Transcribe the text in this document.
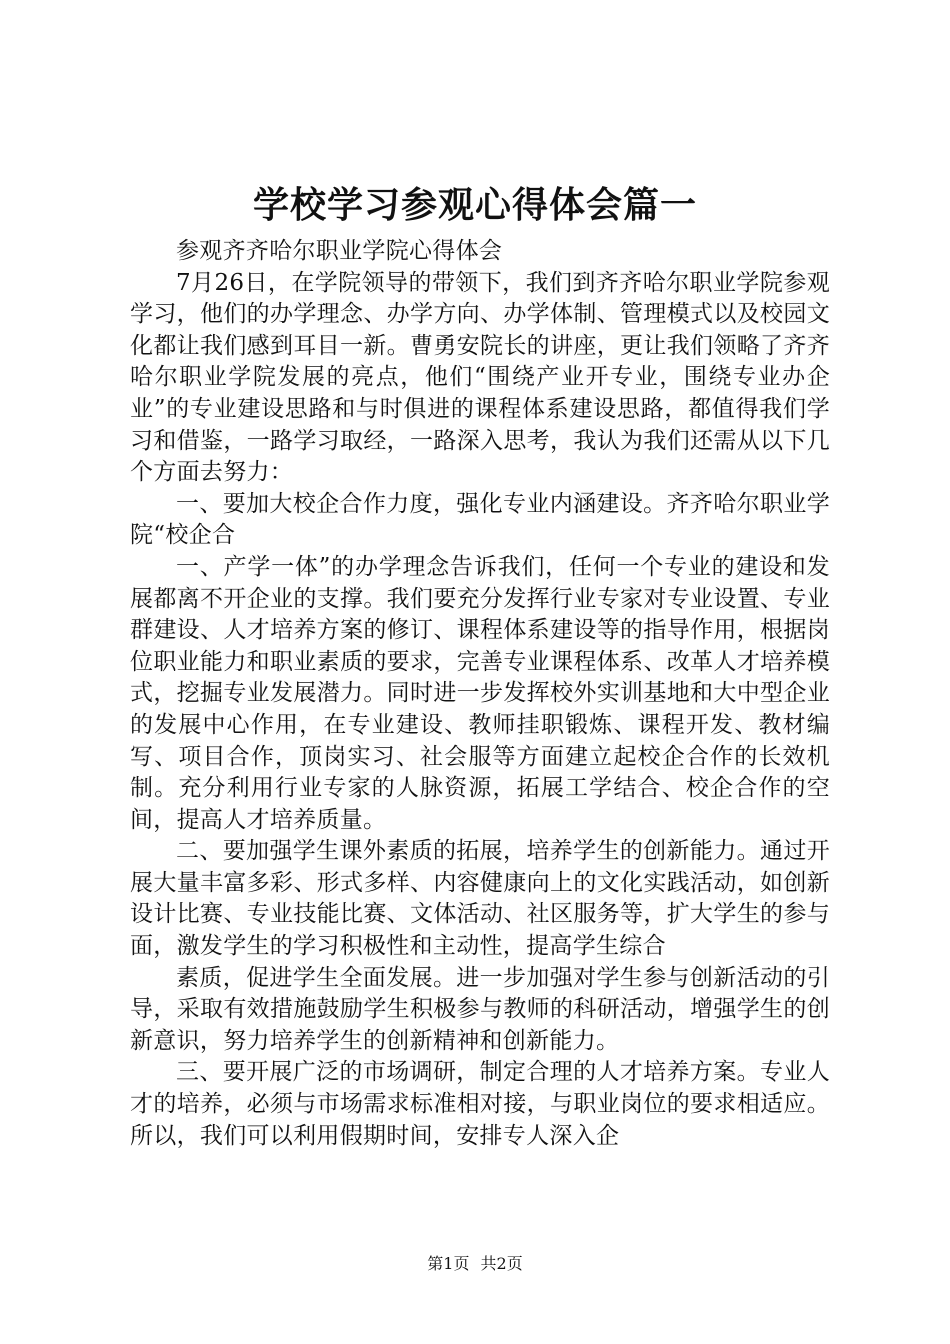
学校学习参观心得体会篇一

参观齐齐哈尔职业学院心得体会

7月26日，在学院领导的带领下，我们到齐齐哈尔职业学院参观学习，他们的办学理念、办学方向、办学体制、管理模式以及校园文化都让我们感到耳目一新。曹勇安院长的讲座，更让我们领略了齐齐哈尔职业学院发展的亮点，他们“围绕产业开专业，围绕专业办企业”的专业建设思路和与时俱进的课程体系建设思路，都值得我们学习和借鉴，一路学习取经，一路深入思考，我认为我们还需从以下几个方面去努力：

一、要加大校企合作力度，强化专业内涵建设。齐齐哈尔职业学院“校企合

一、产学一体”的办学理念告诉我们，任何一个专业的建设和发展都离不开企业的支撑。我们要充分发挥行业专家对专业设置、专业群建设、人才培养方案的修订、课程体系建设等的指导作用，根据岗位职业能力和职业素质的要求，完善专业课程体系、改革人才培养模式，挖掘专业发展潜力。同时进一步发挥校外实训基地和大中型企业的发展中心作用，在专业建设、教师挂职锻炼、课程开发、教材编写、项目合作，顶岗实习、社会服等方面建立起校企合作的长效机制。充分利用行业专家的人脉资源，拓展工学结合、校企合作的空间，提高人才培养质量。

二、要加强学生课外素质的拓展，培养学生的创新能力。通过开展大量丰富多彩、形式多样、内容健康向上的文化实践活动，如创新设计比赛、专业技能比赛、文体活动、社区服务等，扩大学生的参与面，激发学生的学习积极性和主动性，提高学生综合

素质，促进学生全面发展。进一步加强对学生参与创新活动的引导，采取有效措施鼓励学生积极参与教师的科研活动，增强学生的创新意识，努力培养学生的创新精神和创新能力。

三、要开展广泛的市场调研，制定合理的人才培养方案。专业人才的培养，必须与市场需求标准相对接，与职业岗位的要求相适应。所以，我们可以利用假期时间，安排专人深入企

第1页 共2页
